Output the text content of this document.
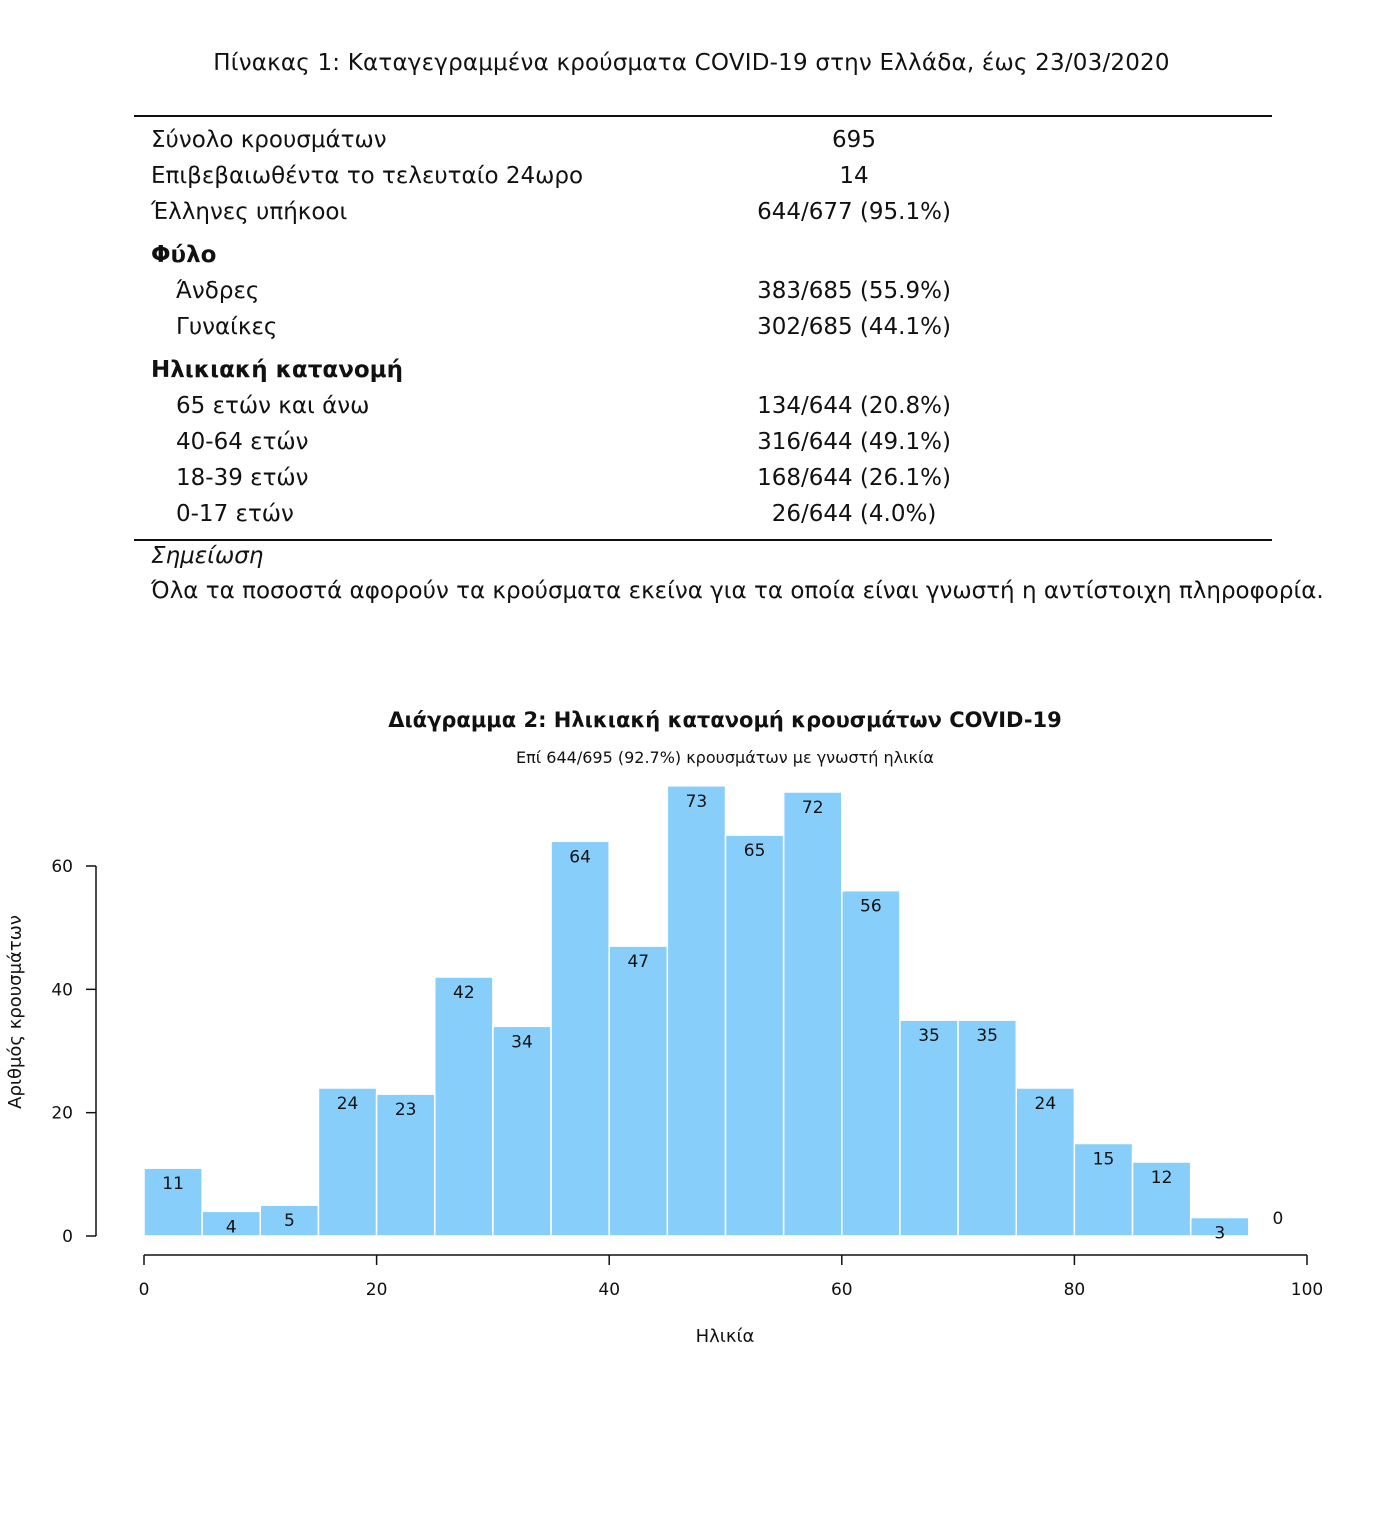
Πίνακας 1: Καταγεγραμμένα κρούσματα COVID-19 στην Ελλάδα, έως 23/03/2020
Σύνολο κρουσμάτων	695
Επιβεβαιωθέντα το τελευταίο 24ωρο	14
Έλληνες υπήκοοι	644/677 (95.1%)
Φύλο
Άνδρες	383/685 (55.9%)
Γυναίκες	302/685 (44.1%)
Ηλικιακή κατανομή
65 ετών και άνω	134/644 (20.8%)
40-64 ετών	316/644 (49.1%)
18-39 ετών	168/644 (26.1%)
0-17 ετών	26/644 (4.0%)
Σημείωση
Όλα τα ποσοστά αφορούν τα κρούσματα εκείνα για τα οποία είναι γνωστή η αντίστοιχη πληροφορία.
Διάγραμμα 2: Ηλικιακή κατανομή κρουσμάτων COVID-19
Επί 644/695 (92.7%) κρουσμάτων με γνωστή ηλικία
11
4	5
24 23
42
34
64
47
73
65
72
56
35 35
24
15
12
3
0
0
20
40
60
0	20	40	60	80	100
Ηλικία
Αριθμός κρουσμάτων
